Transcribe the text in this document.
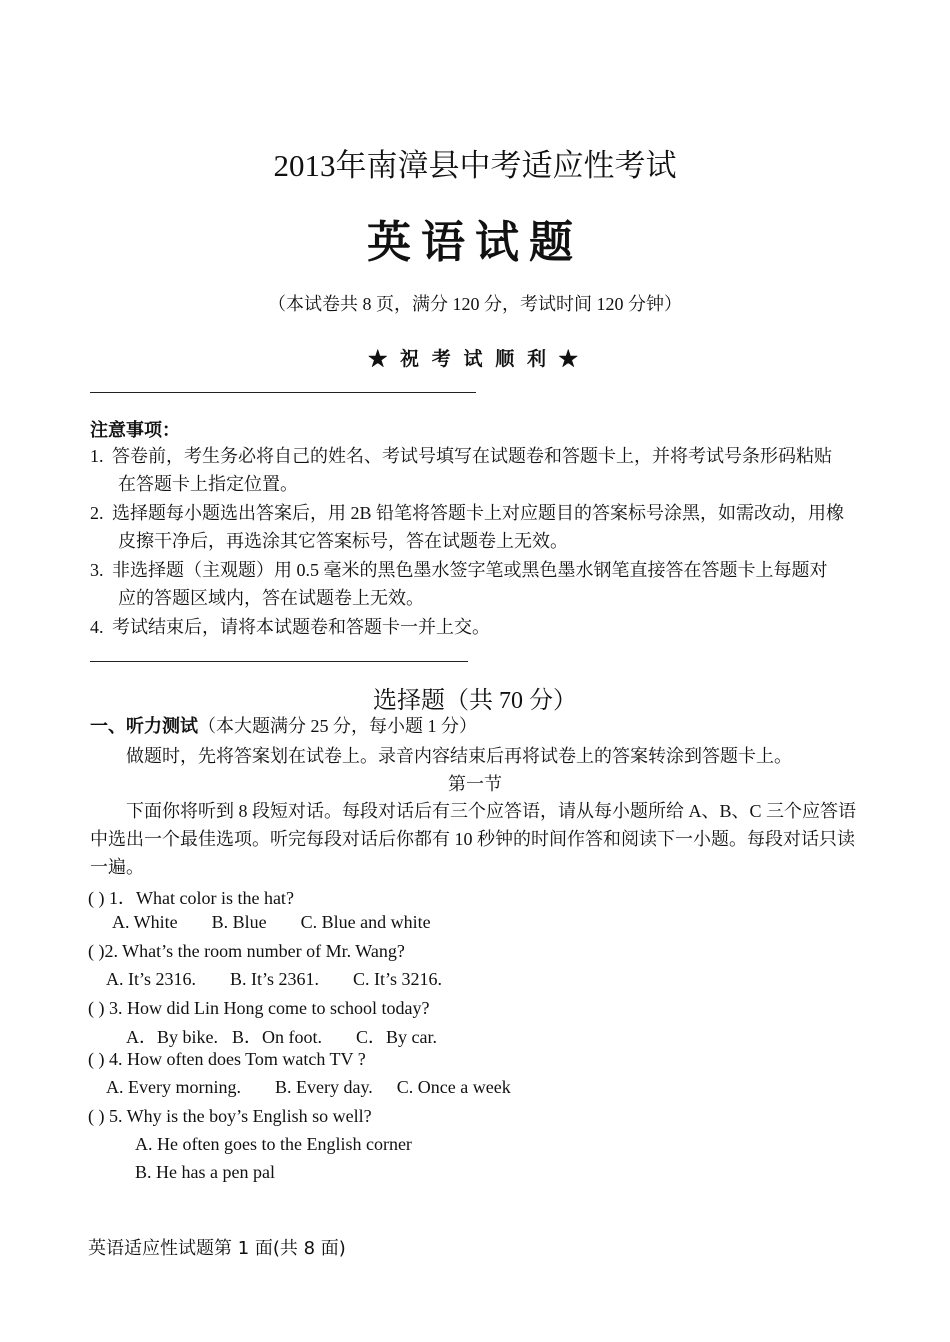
2013年南漳县中考适应性考试
英语试题
（本试卷共 8 页，满分 120 分，考试时间 120 分钟）
★ 祝 考 试 顺 利 ★
注意事项：
1. 答卷前，考生务必将自己的姓名、考试号填写在试题卷和答题卡上，并将考试号条形码粘贴
在答题卡上指定位置。
2. 选择题每小题选出答案后，用 2B 铅笔将答题卡上对应题目的答案标号涂黑，如需改动，用橡
皮擦干净后，再选涂其它答案标号，答在试题卷上无效。
3. 非选择题（主观题）用 0.5 毫米的黑色墨水签字笔或黑色墨水钢笔直接答在答题卡上每题对
应的答题区域内，答在试题卷上无效。
4. 考试结束后，请将本试题卷和答题卡一并上交。
选择题（共 70 分）
一、听力测试（本大题满分 25 分，每小题 1 分）
做题时，先将答案划在试卷上。录音内容结束后再将试卷上的答案转涂到答题卡上。
第一节
下面你将听到 8 段短对话。每段对话后有三个应答语，请从每小题所给 A、B、C 三个应答语中选出一个最佳选项。听完每段对话后你都有 10 秒钟的时间作答和阅读下一小题。每段对话只读一遍。
( ) 1．What color is the hat?
A. White B. Blue C. Blue and white
( )2. What’s the room number of Mr. Wang?
A. It’s 2316. B. It’s 2361. C. It’s 3216.
( ) 3. How did Lin Hong come to school today?
A．By bike. B．On foot. C．By car.
( ) 4. How often does Tom watch TV ?
A. Every morning. B. Every day. C. Once a week
( ) 5. Why is the boy’s English so well?
A. He often goes to the English corner
B. He has a pen pal
英语适应性试题第 1 面(共 8 面)
